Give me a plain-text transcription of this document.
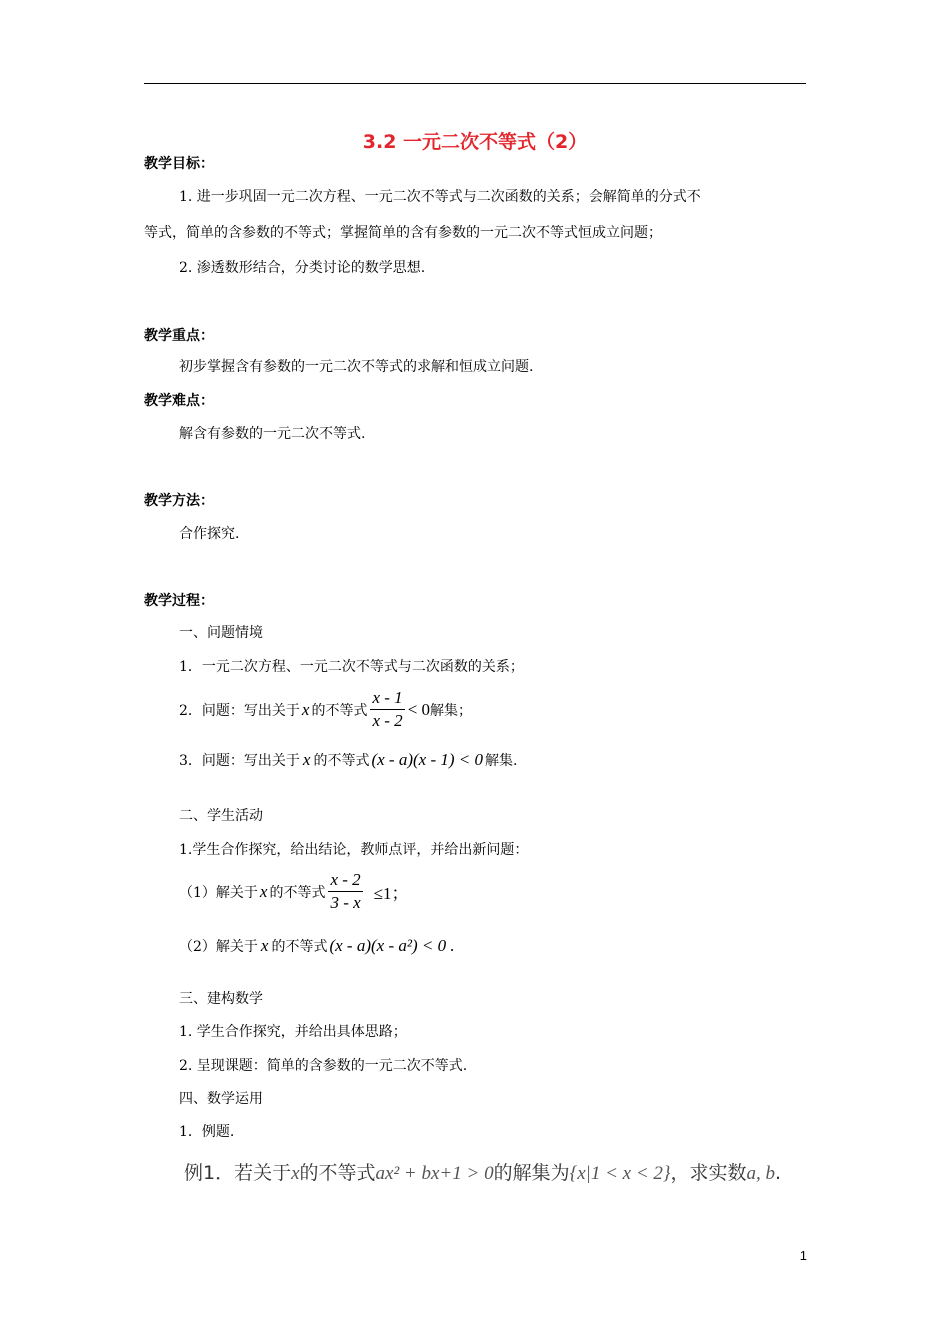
3.2 一元二次不等式（2）
教学目标：
1. 进一步巩固一元二次方程、一元二次不等式与二次函数的关系；会解简单的分式不
等式，简单的含参数的不等式；掌握简单的含有参数的一元二次不等式恒成立问题；
2. 渗透数形结合，分类讨论的数学思想.
教学重点：
初步掌握含有参数的一元二次不等式的求解和恒成立问题.
教学难点：
解含有参数的一元二次不等式.
教学方法：
合作探究.
教学过程：
一、问题情境
1．一元二次方程、一元二次不等式与二次函数的关系；
2．问题：写出关于 x 的不等式 $\frac{x - 1}{x - 2} < 0$ 解集；
3．问题：写出关于 x 的不等式 (x - a)(x - 1) < 0 解集.
二、学生活动
1.学生合作探究，给出结论，教师点评，并给出新问题：
（1）解关于 x 的不等式 $\frac{x - 2}{3 - x} \le 1$；
（2）解关于 x 的不等式 (x - a)(x - a²) < 0 .
三、建构数学
1. 学生合作探究，并给出具体思路；
2. 呈现课题：简单的含参数的一元二次不等式.
四、数学运用
1．例题.
例1．若关于x的不等式ax² + bx+1 > 0的解集为{x|1 < x < 2}，求实数a, b.
1
